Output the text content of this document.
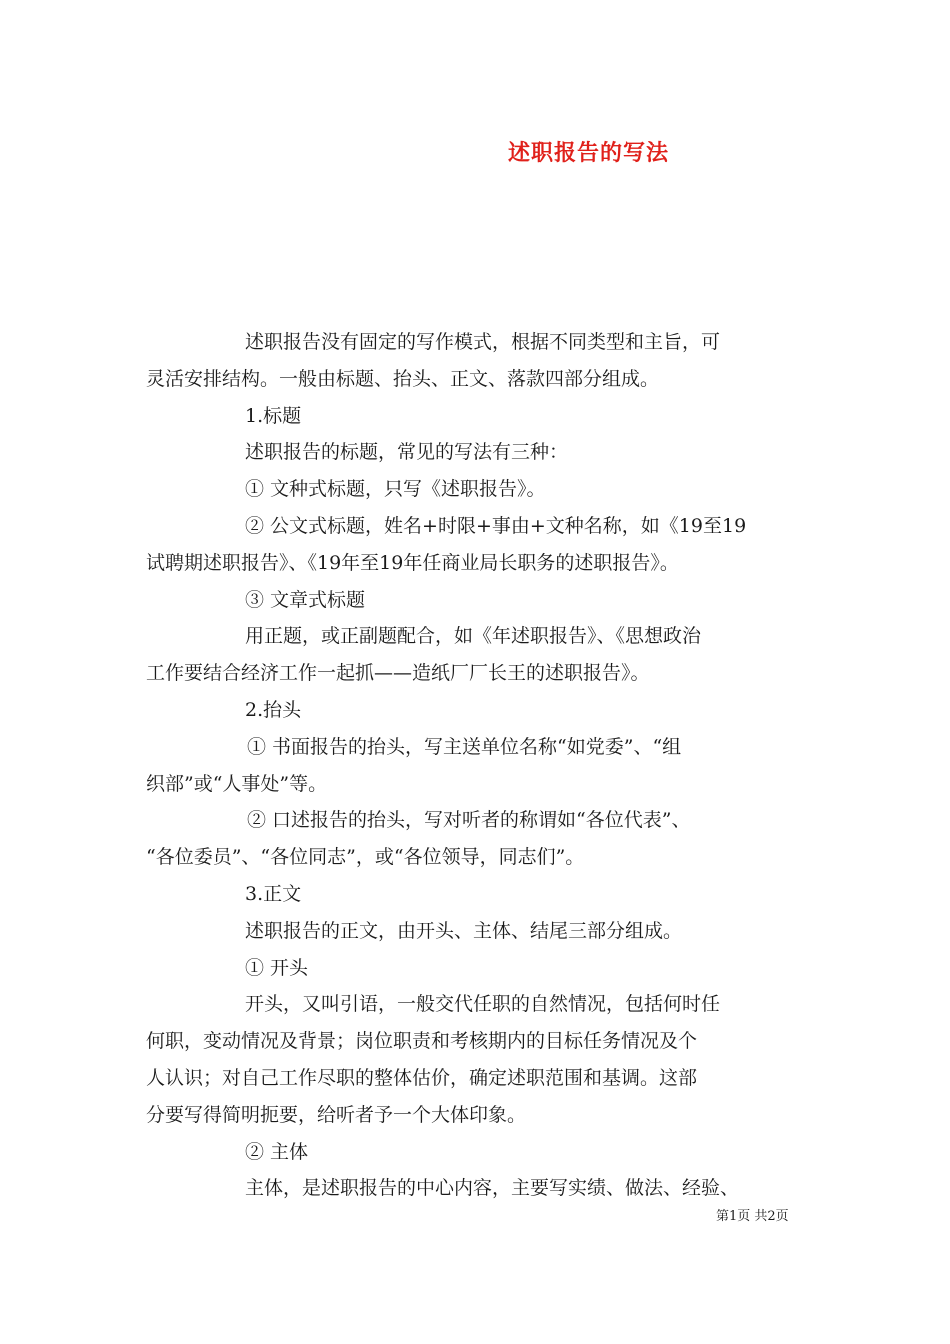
述职报告的写法
述职报告没有固定的写作模式，根据不同类型和主旨，可
灵活安排结构。一般由标题、抬头、正文、落款四部分组成。
1.标题
述职报告的标题，常见的写法有三种：
① 文种式标题，只写《述职报告》。
② 公文式标题，姓名+时限+事由+文种名称，如《19至19
试聘期述职报告》、《19年至19年任商业局长职务的述职报告》。
③ 文章式标题
用正题，或正副题配合，如《年述职报告》、《思想政治
工作要结合经济工作一起抓——造纸厂厂长王的述职报告》。
2.抬头
① 书面报告的抬头，写主送单位名称“如党委”、“组
织部”或“人事处”等。
② 口述报告的抬头，写对听者的称谓如“各位代表”、
“各位委员”、“各位同志”，或“各位领导，同志们”。
3.正文
述职报告的正文，由开头、主体、结尾三部分组成。
① 开头
开头，又叫引语，一般交代任职的自然情况，包括何时任
何职，变动情况及背景；岗位职责和考核期内的目标任务情况及个
人认识；对自己工作尽职的整体估价，确定述职范围和基调。这部
分要写得简明扼要，给听者予一个大体印象。
② 主体
主体，是述职报告的中心内容，主要写实绩、做法、经验、
第1页 共2页
